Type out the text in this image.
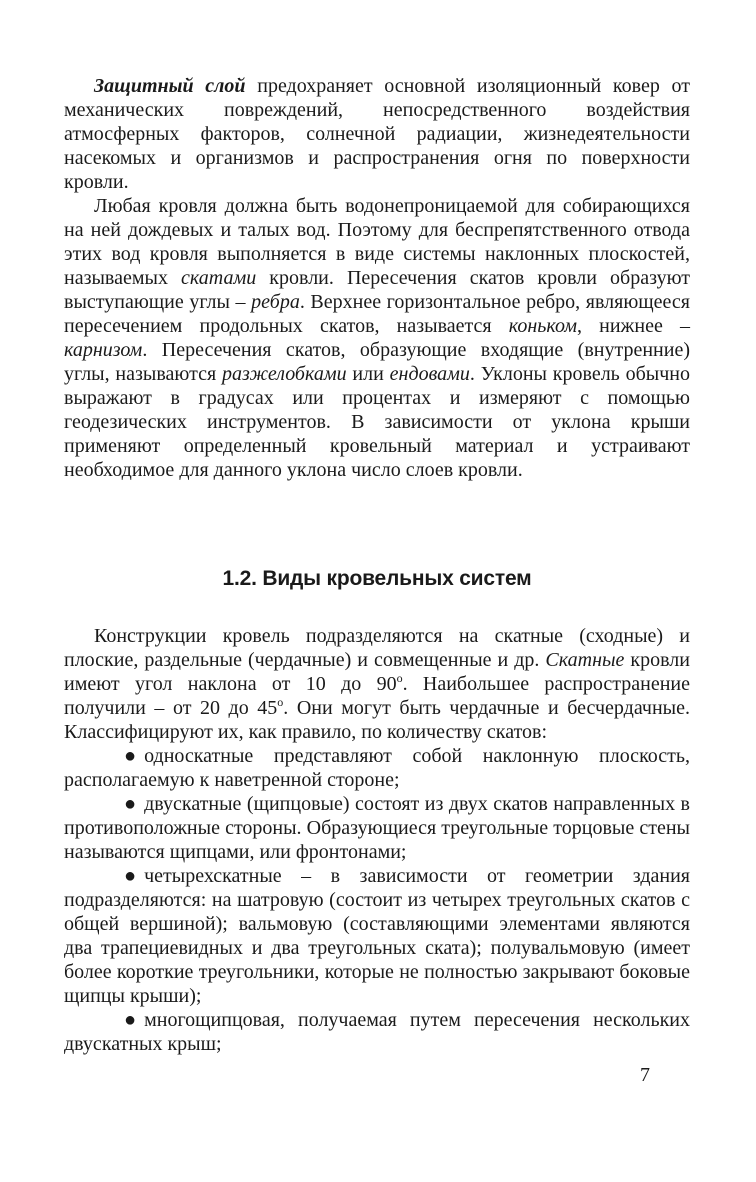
Защитный слой предохраняет основной изоляционный ковер от механических повреждений, непосредственного воздействия атмосферных факторов, солнечной радиации, жизнедеятельности насекомых и организмов и распространения огня по поверхности кровли.

Любая кровля должна быть водонепроницаемой для собирающихся на ней дождевых и талых вод. Поэтому для беспрепятственного отвода этих вод кровля выполняется в виде системы наклонных плоскостей, называемых скатами кровли. Пересечения скатов кровли образуют выступающие углы – ребра. Верхнее горизонтальное ребро, являющееся пересечением продольных скатов, называется коньком, нижнее – карнизом. Пересечения скатов, образующие входящие (внутренние) углы, называются разжелобками или ендовами. Уклоны кровель обычно выражают в градусах или процентах и измеряют с помощью геодезических инструментов. В зависимости от уклона крыши применяют определенный кровельный материал и устраивают необходимое для данного уклона число слоев кровли.

1.2. Виды кровельных систем

Конструкции кровель подразделяются на скатные (сходные) и плоские, раздельные (чердачные) и совмещенные и др. Скатные кровли имеют угол наклона от 10 до $90^о$. Наибольшее распространение получили – от 20 до $45^о$. Они могут быть чердачные и бесчердачные. Классифицируют их, как правило, по количеству скатов:

● односкатные представляют собой наклонную плоскость, располагаемую к наветренной стороне;

● двускатные (щипцовые) состоят из двух скатов направленных в противоположные стороны. Образующиеся треугольные торцовые стены называются щипцами, или фронтонами;

● четырехскатные – в зависимости от геометрии здания подразделяются: на шатровую (состоит из четырех треугольных скатов с общей вершиной); вальмовую (составляющими элементами являются два трапециевидных и два треугольных ската); полувальмовую (имеет более короткие треугольники, которые не полностью закрывают боковые щипцы крыши);

● многощипцовая, получаемая путем пересечения нескольких двускатных крыш;

7
